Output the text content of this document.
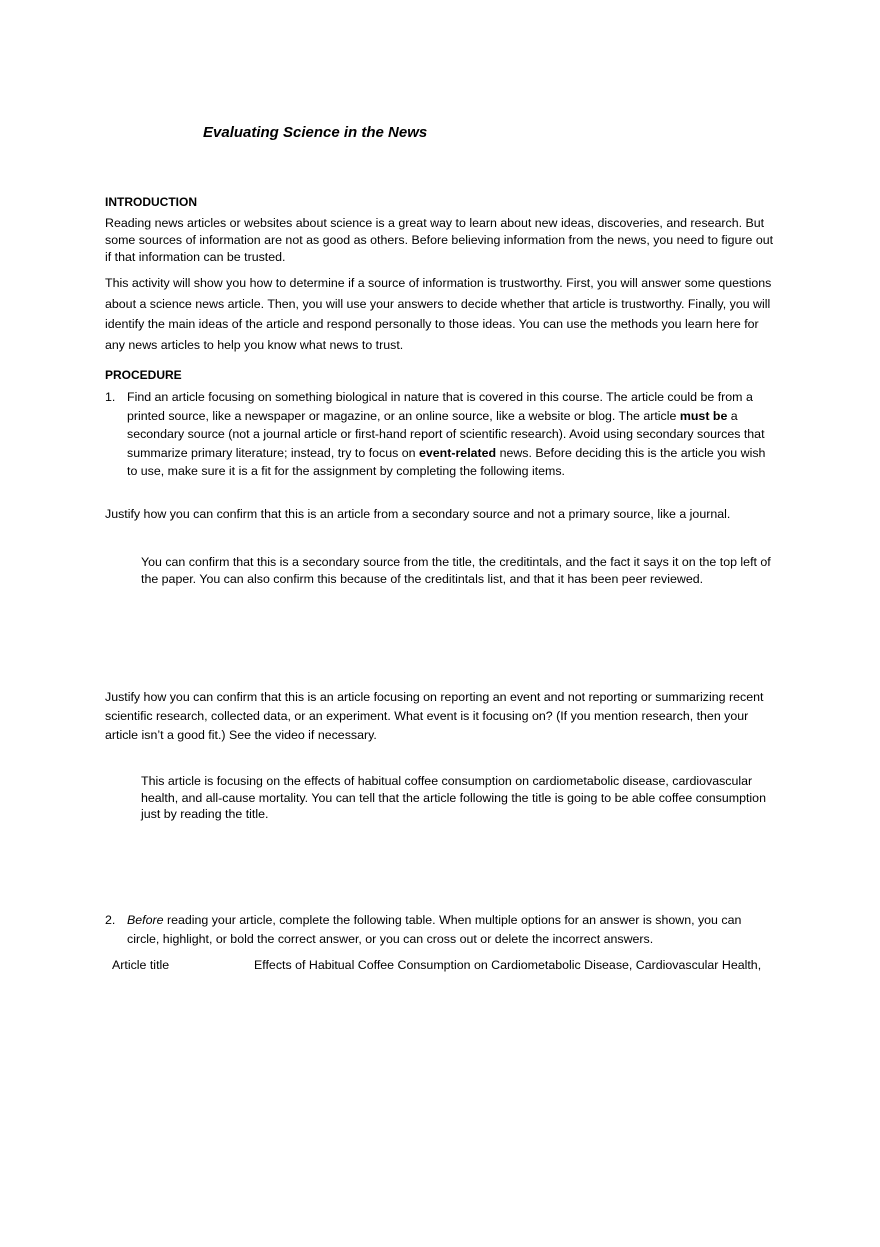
Evaluating Science in the News

INTRODUCTION

Reading news articles or websites about science is a great way to learn about new ideas, discoveries, and research. But some sources of information are not as good as others. Before believing information from the news, you need to figure out if that information can be trusted.

This activity will show you how to determine if a source of information is trustworthy. First, you will answer some questions about a science news article. Then, you will use your answers to decide whether that article is trustworthy. Finally, you will identify the main ideas of the article and respond personally to those ideas. You can use the methods you learn here for any news articles to help you know what news to trust.

PROCEDURE

1. Find an article focusing on something biological in nature that is covered in this course. The article could be from a printed source, like a newspaper or magazine, or an online source, like a website or blog. The article must be a secondary source (not a journal article or first-hand report of scientific research). Avoid using secondary sources that summarize primary literature; instead, try to focus on event-related news. Before deciding this is the article you wish to use, make sure it is a fit for the assignment by completing the following items.

Justify how you can confirm that this is an article from a secondary source and not a primary source, like a journal.

You can confirm that this is a secondary source from the title, the creditintals, and the fact it says it on the top left of the paper. You can also confirm this because of the creditintals list, and that it has been peer reviewed.

Justify how you can confirm that this is an article focusing on reporting an event and not reporting or summarizing recent scientific research, collected data, or an experiment. What event is it focusing on? (If you mention research, then your article isn’t a good fit.) See the video if necessary.

This article is focusing on the effects of habitual coffee consumption on cardiometabolic disease, cardiovascular health, and all-cause mortality. You can tell that the article following the title is going to be able coffee consumption just by reading the title.
2. Before reading your article, complete the following table. When multiple options for an answer is shown, you can circle, highlight, or bold the correct answer, or you can cross out or delete the incorrect answers.
Article title	Effects of Habitual Coffee Consumption on Cardiometabolic Disease, Cardiovascular Health,
